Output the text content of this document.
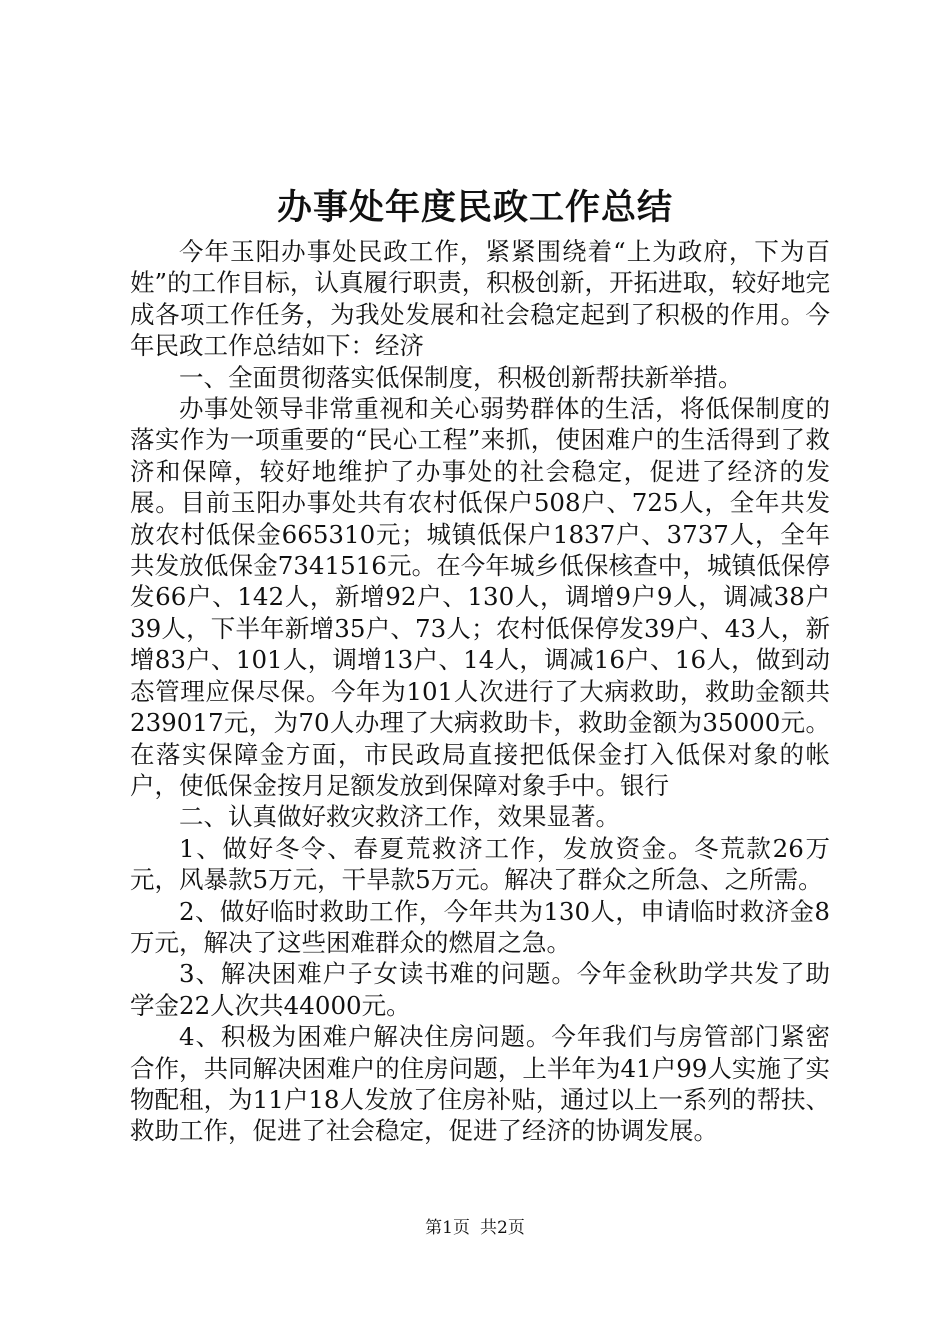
办事处年度民政工作总结

今年玉阳办事处民政工作，紧紧围绕着“上为政府，下为百姓”的工作目标，认真履行职责，积极创新，开拓进取，较好地完成各项工作任务，为我处发展和社会稳定起到了积极的作用。今年民政工作总结如下：经济

一、全面贯彻落实低保制度，积极创新帮扶新举措。

办事处领导非常重视和关心弱势群体的生活，将低保制度的落实作为一项重要的“民心工程”来抓，使困难户的生活得到了救济和保障，较好地维护了办事处的社会稳定，促进了经济的发展。目前玉阳办事处共有农村低保户508户、725人，全年共发放农村低保金665310元；城镇低保户1837户、3737人，全年共发放低保金7341516元。在今年城乡低保核查中，城镇低保停发66户、142人，新增92户、130人，调增9户9人，调减38户39人，下半年新增35户、73人；农村低保停发39户、43人，新增83户、101人，调增13户、14人，调减16户、16人，做到动态管理应保尽保。今年为101人次进行了大病救助，救助金额共239017元，为70人办理了大病救助卡，救助金额为35000元。在落实保障金方面，市民政局直接把低保金打入低保对象的帐户，使低保金按月足额发放到保障对象手中。银行

二、认真做好救灾救济工作，效果显著。

1、做好冬令、春夏荒救济工作，发放资金。冬荒款26万元，风暴款5万元，干旱款5万元。解决了群众之所急、之所需。

2、做好临时救助工作，今年共为130人，申请临时救济金8万元，解决了这些困难群众的燃眉之急。

3、解决困难户子女读书难的问题。今年金秋助学共发了助学金22人次共44000元。

4、积极为困难户解决住房问题。今年我们与房管部门紧密合作，共同解决困难户的住房问题，上半年为41户99人实施了实物配租，为11户18人发放了住房补贴，通过以上一系列的帮扶、救助工作，促进了社会稳定，促进了经济的协调发展。

第1页 共2页
